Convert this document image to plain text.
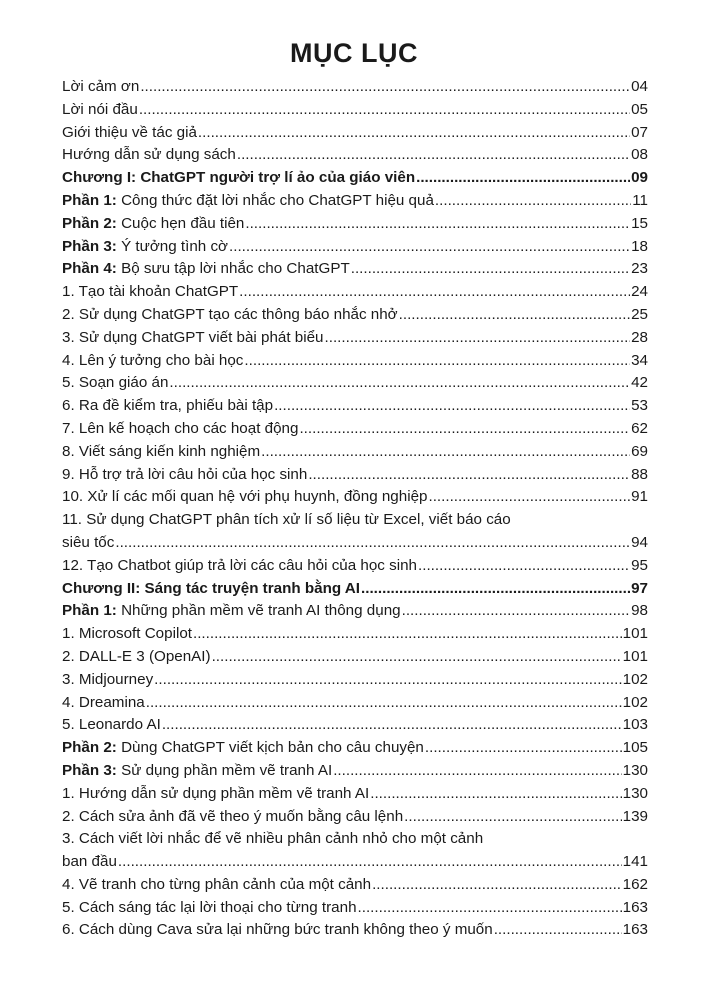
MỤC LỤC
Lời cảm ơn .....	04
Lời nói đầu .....	05
Giới thiệu về tác giả .....	07
Hướng dẫn sử dụng sách .....	08
Chương I: ChatGPT người trợ lí ảo của giáo viên .....	09
Phần 1: Công thức đặt lời nhắc cho ChatGPT hiệu quả .....	11
Phần 2: Cuộc hẹn đầu tiên .....	15
Phần 3: Ý tưởng tình cờ .....	18
Phần 4: Bộ sưu tập lời nhắc cho ChatGPT .....	23
1. Tạo tài khoản ChatGPT .....	24
2. Sử dụng ChatGPT tạo các thông báo nhắc nhở .....	25
3. Sử dụng ChatGPT viết bài phát biểu .....	28
4. Lên ý tưởng cho bài học .....	34
5. Soạn giáo án .....	42
6. Ra đề kiểm tra, phiếu bài tập .....	53
7. Lên kế hoạch cho các hoạt động .....	62
8. Viết sáng kiến kinh nghiệm .....	69
9. Hỗ trợ trả lời câu hỏi của học sinh .....	88
10. Xử lí các mối quan hệ với phụ huynh, đồng nghiệp .....	91
11. Sử dụng ChatGPT phân tích xử lí số liệu từ Excel, viết báo cáo
siêu tốc .....	94
12. Tạo Chatbot giúp trả lời các câu hỏi của học sinh .....	95
Chương II: Sáng tác truyện tranh bằng AI .....	97
Phần 1: Những phần mềm vẽ tranh AI thông dụng .....	98
1. Microsoft Copilot .....	101
2. DALL-E 3 (OpenAI) .....	101
3. Midjourney .....	102
4. Dreamina .....	102
5. Leonardo AI .....	103
Phần 2: Dùng ChatGPT viết kịch bản cho câu chuyện .....	105
Phần 3: Sử dụng phần mềm vẽ tranh AI .....	130
1. Hướng dẫn sử dụng phần mềm vẽ tranh AI .....	130
2. Cách sửa ảnh đã vẽ theo ý muốn bằng câu lệnh .....	139
3. Cách viết lời nhắc để vẽ nhiều phân cảnh nhỏ cho một cảnh
ban đầu .....	141
4. Vẽ tranh cho từng phân cảnh của một cảnh .....	162
5. Cách sáng tác lại lời thoại cho từng tranh .....	163
6. Cách dùng Cava sửa lại những bức tranh không theo ý muốn .....	163
